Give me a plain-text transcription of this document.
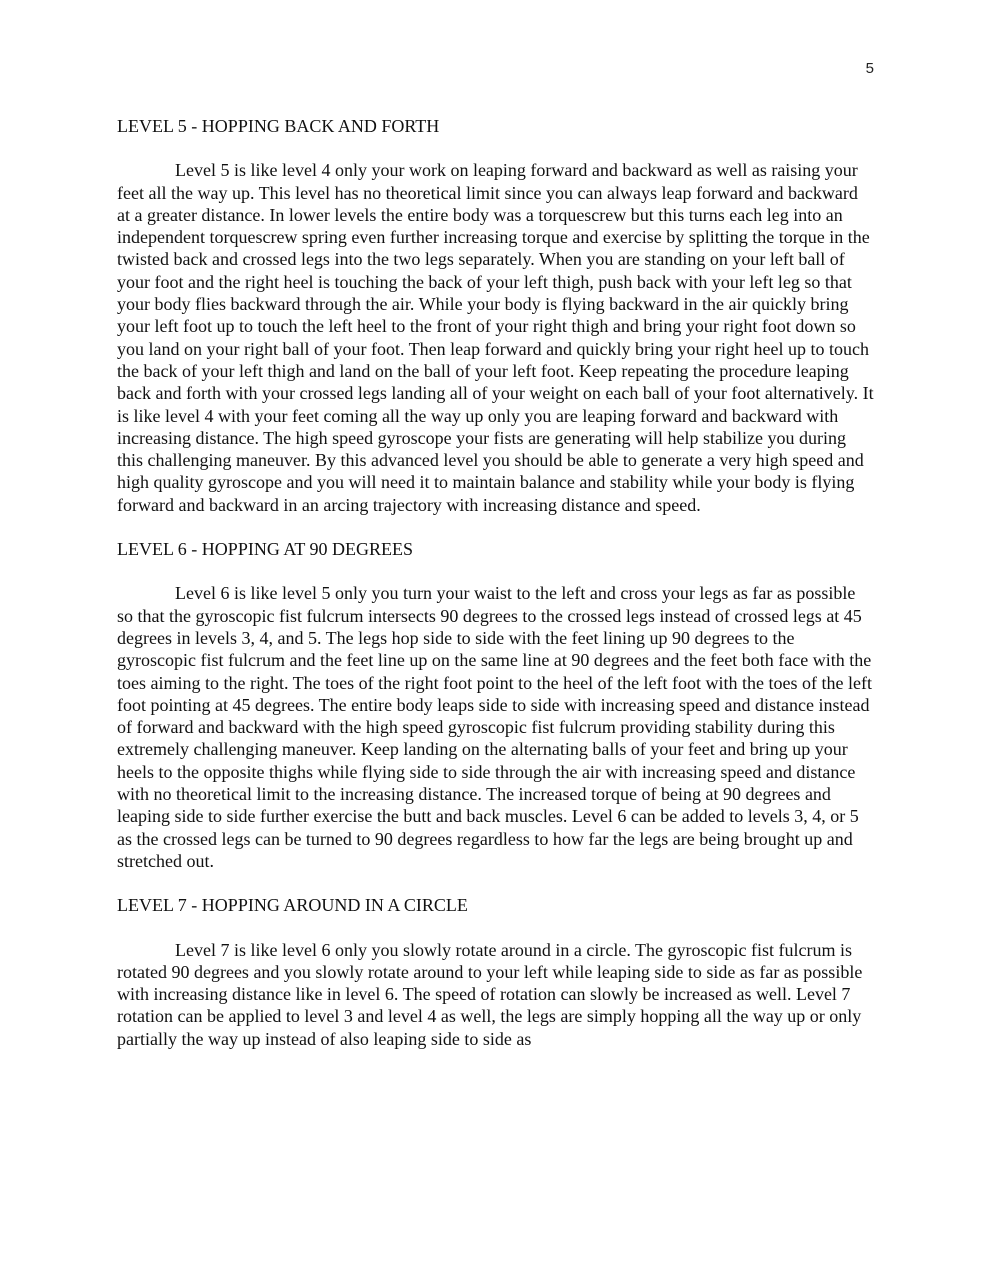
5
LEVEL 5 - HOPPING BACK AND FORTH

Level 5 is like level 4 only your work on leaping forward and backward as well as raising your feet all the way up. This level has no theoretical limit since you can always leap forward and backward at a greater distance. In lower levels the entire body was a torquescrew but this turns each leg into an independent torquescrew spring even further increasing torque and exercise by splitting the torque in the twisted back and crossed legs into the two legs separately. When you are standing on your left ball of your foot and the right heel is touching the back of your left thigh, push back with your left leg so that your body flies backward through the air. While your body is flying backward in the air quickly bring your left foot up to touch the left heel to the front of your right thigh and bring your right foot down so you land on your right ball of your foot. Then leap forward and quickly bring your right heel up to touch the back of your left thigh and land on the ball of your left foot. Keep repeating the procedure leaping back and forth with your crossed legs landing all of your weight on each ball of your foot alternatively. It is like level 4 with your feet coming all the way up only you are leaping forward and backward with increasing distance. The high speed gyroscope your fists are generating will help stabilize you during this challenging maneuver. By this advanced level you should be able to generate a very high speed and high quality gyroscope and you will need it to maintain balance and stability while your body is flying forward and backward in an arcing trajectory with increasing distance and speed.

LEVEL 6 - HOPPING AT 90 DEGREES

Level 6 is like level 5 only you turn your waist to the left and cross your legs as far as possible so that the gyroscopic fist fulcrum intersects 90 degrees to the crossed legs instead of crossed legs at 45 degrees in levels 3, 4, and 5. The legs hop side to side with the feet lining up 90 degrees to the gyroscopic fist fulcrum and the feet line up on the same line at 90 degrees and the feet both face with the toes aiming to the right. The toes of the right foot point to the heel of the left foot with the toes of the left foot pointing at 45 degrees. The entire body leaps side to side with increasing speed and distance instead of forward and backward with the high speed gyroscopic fist fulcrum providing stability during this extremely challenging maneuver. Keep landing on the alternating balls of your feet and bring up your heels to the opposite thighs while flying side to side through the air with increasing speed and distance with no theoretical limit to the increasing distance. The increased torque of being at 90 degrees and leaping side to side further exercise the butt and back muscles. Level 6 can be added to levels 3, 4, or 5 as the crossed legs can be turned to 90 degrees regardless to how far the legs are being brought up and stretched out.

LEVEL 7 - HOPPING AROUND IN A CIRCLE

Level 7 is like level 6 only you slowly rotate around in a circle. The gyroscopic fist fulcrum is rotated 90 degrees and you slowly rotate around to your left while leaping side to side as far as possible with increasing distance like in level 6. The speed of rotation can slowly be increased as well. Level 7 rotation can be applied to level 3 and level 4 as well, the legs are simply hopping all the way up or only partially the way up instead of also leaping side to side as
